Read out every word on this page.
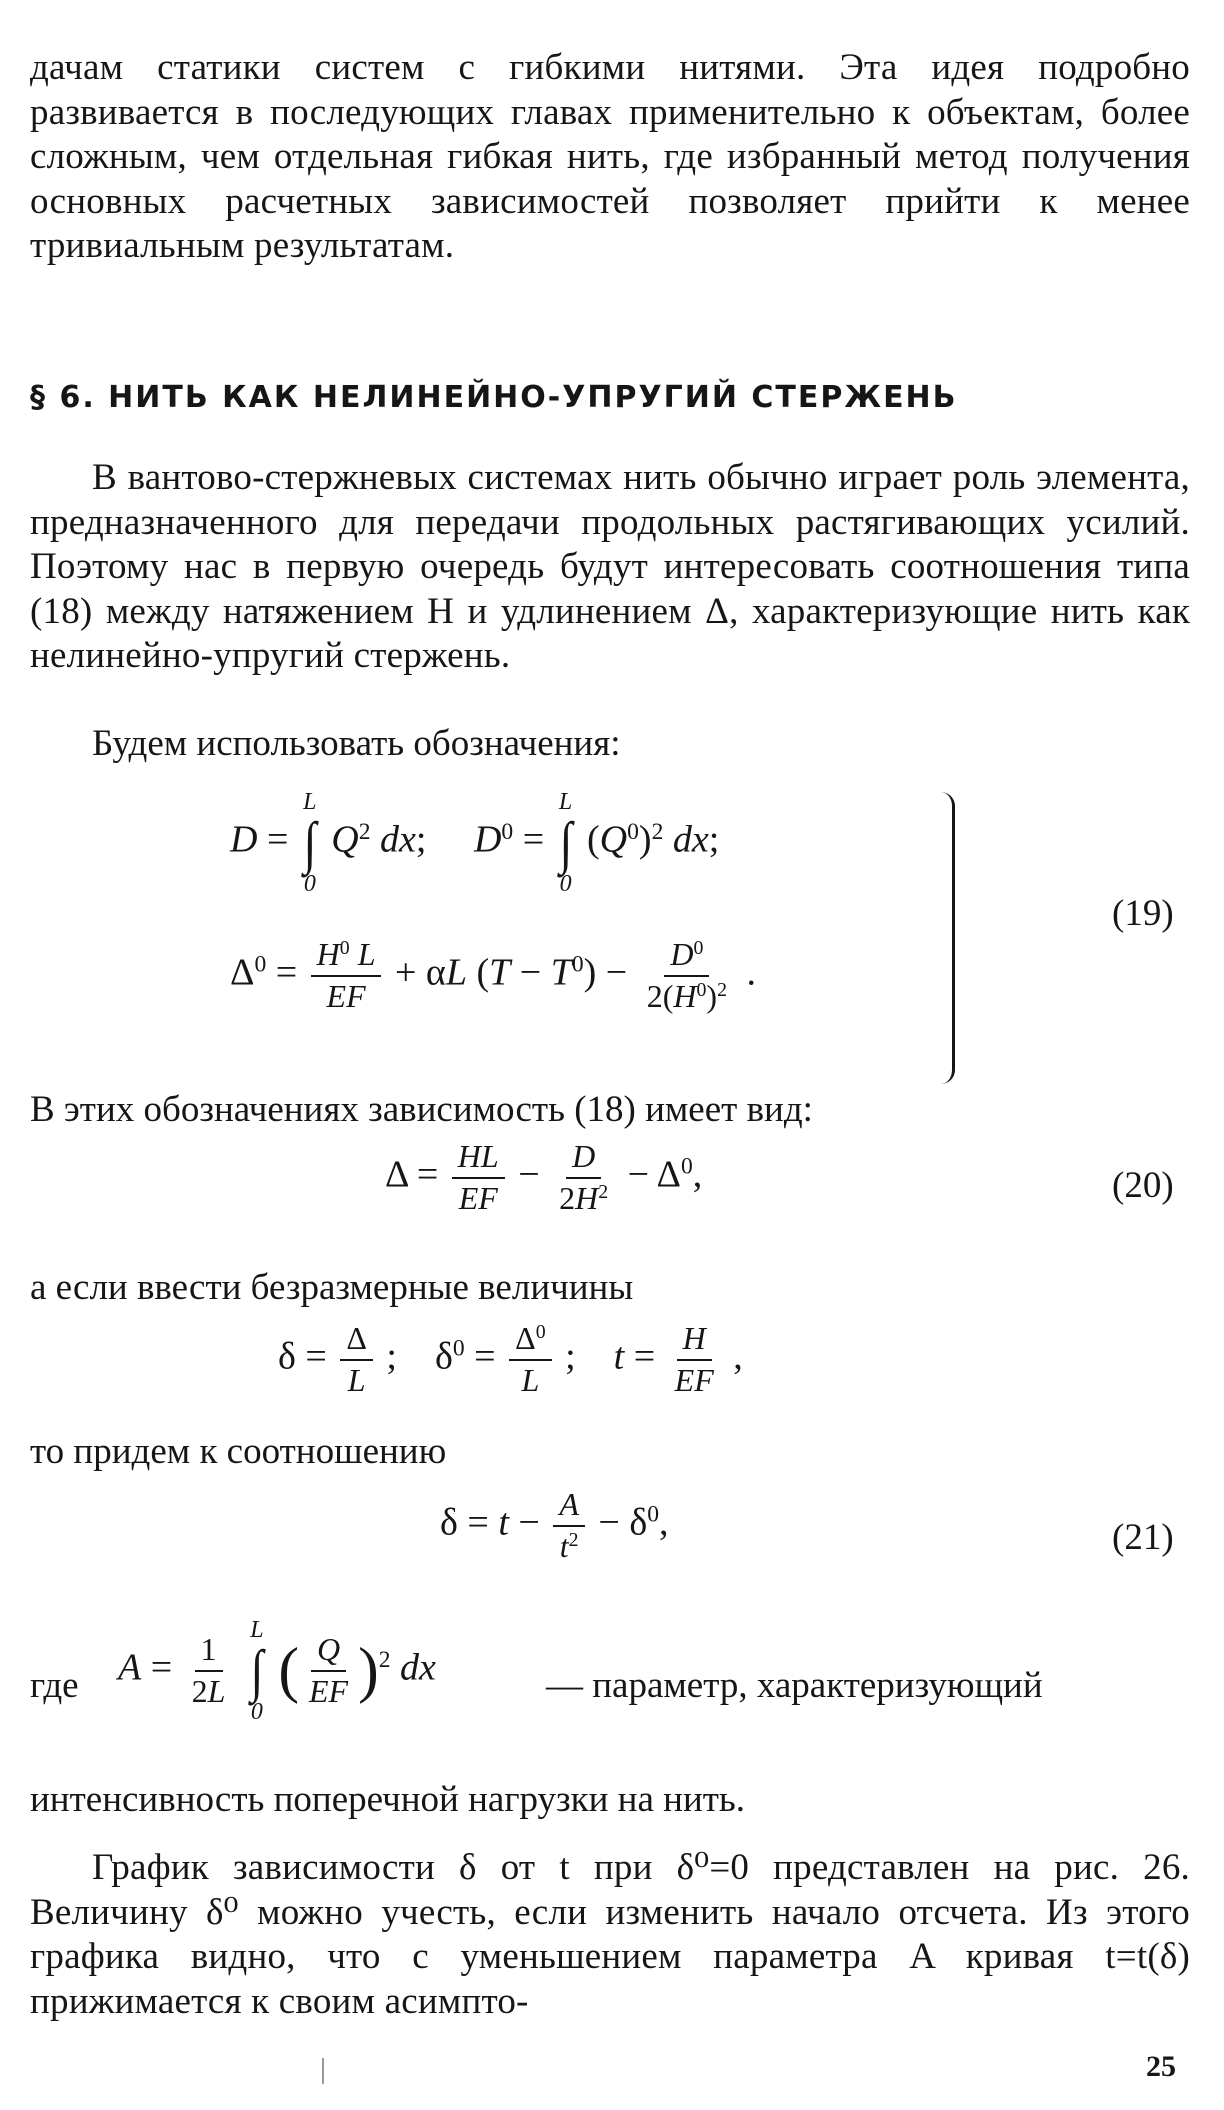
дачам статики систем с гибкими нитями. Эта идея подробно развивается в последующих главах применительно к объектам, более сложным, чем отдельная гибкая нить, где избранный метод получения основных расчетных зависимостей позволяет прийти к менее тривиальным результатам.
§ 6. НИТЬ КАК НЕЛИНЕЙНО-УПРУГИЙ СТЕРЖЕНЬ
В вантово-стержневых системах нить обычно играет роль элемента, предназначенного для передачи продольных растягивающих усилий. Поэтому нас в первую очередь будут интересовать соотношения типа (18) между натяжением H и удлинением Δ, характеризующие нить как нелинейно-упругий стержень.
Будем использовать обозначения:
D =
L
∫
0
$Q^2$ dx;     $D^0$ =
L
∫
0
$(Q^0)^2$ dx;
$\Delta^0 = \frac{H^0 L}{EF} + \alpha L$ $(T - T^0) - \frac{D^0}{2(H^0)^2}$ .
(19)
В этих обозначениях зависимость (18) имеет вид:
$\Delta = \frac{HL}{EF} - \frac{D}{2H^2} - \Delta^0$,	(20)
а если ввести безразмерные величины
$\delta = \frac{\Delta}{L}$ ;    $\delta^0 = \frac{\Delta^0}{L}$ ;    $t = \frac{H}{EF}$ ,
то придем к соотношению
$\delta = t - \frac{A}{t^2} - \delta^0$,	(21)
где $A = \frac{1}{2L}$

L
∫
0
( $\frac{Q}{EF} )^2$ dx	— параметр, характеризующий
интенсивность поперечной нагрузки на нить.
График зависимости δ от t при δ⁰=0 представлен на рис. 26. Величину δ⁰ можно учесть, если изменить начало отсчета. Из этого графика видно, что с уменьшением параметра A кривая t=t(δ) прижимается к своим асимпто-
25
